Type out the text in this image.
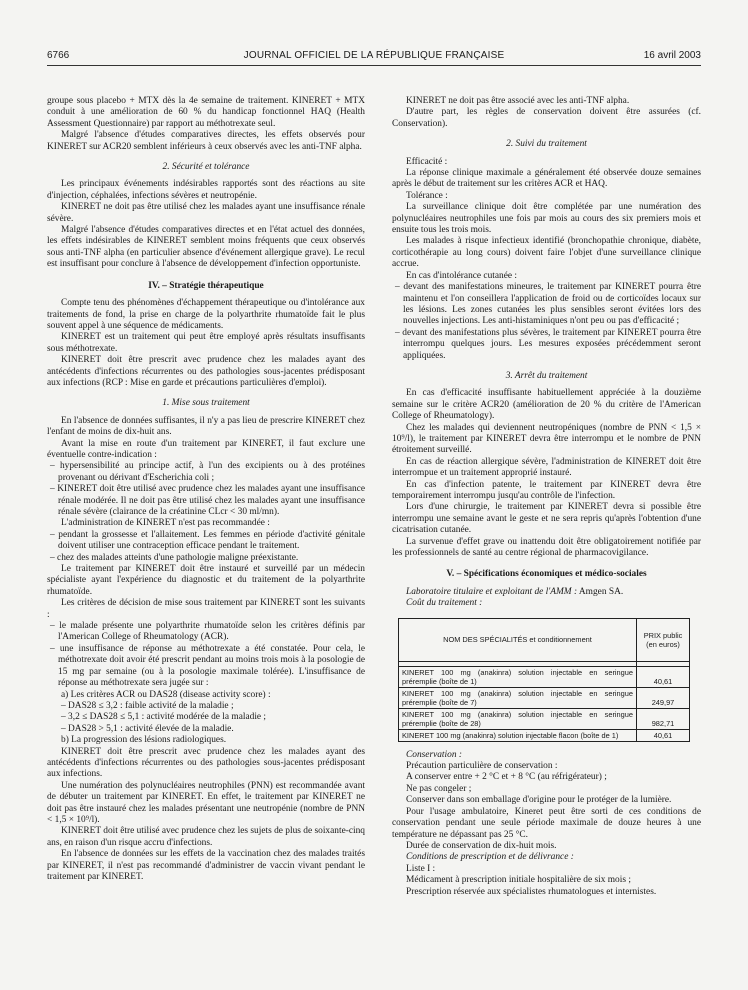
6766	JOURNAL OFFICIEL DE LA RÉPUBLIQUE FRANÇAISE	16 avril 2003

groupe sous placebo + MTX dès la 4e semaine de traitement. KINERET + MTX conduit à une amélioration de 60 % du handicap fonctionnel HAQ (Health Assessment Questionnaire) par rapport au méthotrexate seul.

Malgré l'absence d'études comparatives directes, les effets observés pour KINERET sur ACR20 semblent inférieurs à ceux observés avec les anti-TNF alpha.

2. Sécurité et tolérance

Les principaux événements indésirables rapportés sont des réactions au site d'injection, céphalées, infections sévères et neutropénie.

KINERET ne doit pas être utilisé chez les malades ayant une insuffisance rénale sévère.

Malgré l'absence d'études comparatives directes et en l'état actuel des données, les effets indésirables de KINERET semblent moins fréquents que ceux observés sous anti-TNF alpha (en particulier absence d'événement allergique grave). Le recul est insuffisant pour conclure à l'absence de développement d'infection opportuniste.

IV. – Stratégie thérapeutique

Compte tenu des phénomènes d'échappement thérapeutique ou d'intolérance aux traitements de fond, la prise en charge de la polyarthrite rhumatoïde fait le plus souvent appel à une séquence de médicaments.

KINERET est un traitement qui peut être employé après résultats insuffisants sous méthotrexate.

KINERET doit être prescrit avec prudence chez les malades ayant des antécédents d'infections récurrentes ou des pathologies sous-jacentes prédisposant aux infections (RCP : Mise en garde et précautions particulières d'emploi).

1. Mise sous traitement

En l'absence de données suffisantes, il n'y a pas lieu de prescrire KINERET chez l'enfant de moins de dix-huit ans.

Avant la mise en route d'un traitement par KINERET, il faut exclure une éventuelle contre-indication :

– hypersensibilité au principe actif, à l'un des excipients ou à des protéines provenant ou dérivant d'Escherichia coli ;

– KINERET doit être utilisé avec prudence chez les malades ayant une insuffisance rénale modérée. Il ne doit pas être utilisé chez les malades ayant une insuffisance rénale sévère (clairance de la créatinine CLcr < 30 ml/mn).

L'administration de KINERET n'est pas recommandée :

– pendant la grossesse et l'allaitement. Les femmes en période d'activité génitale doivent utiliser une contraception efficace pendant le traitement.

– chez des malades atteints d'une pathologie maligne préexistante.

Le traitement par KINERET doit être instauré et surveillé par un médecin spécialiste ayant l'expérience du diagnostic et du traitement de la polyarthrite rhumatoïde.

Les critères de décision de mise sous traitement par KINERET sont les suivants :

– le malade présente une polyarthrite rhumatoïde selon les critères définis par l'American College of Rheumatology (ACR).

– une insuffisance de réponse au méthotrexate a été constatée. Pour cela, le méthotrexate doit avoir été prescrit pendant au moins trois mois à la posologie de 15 mg par semaine (ou à la posologie maximale tolérée). L'insuffisance de réponse au méthotrexate sera jugée sur :

a) Les critères ACR ou DAS28 (disease activity score) :

– DAS28 ≤ 3,2 : faible activité de la maladie ;

– 3,2 ≤ DAS28 ≤ 5,1 : activité modérée de la maladie ;

– DAS28 > 5,1 : activité élevée de la maladie.

b) La progression des lésions radiologiques.

KINERET doit être prescrit avec prudence chez les malades ayant des antécédents d'infections récurrentes ou des pathologies sous-jacentes prédisposant aux infections.

Une numération des polynucléaires neutrophiles (PNN) est recommandée avant de débuter un traitement par KINERET. En effet, le traitement par KINERET ne doit pas être instauré chez les malades présentant une neutropénie (nombre de PNN < 1,5 × 10⁹/l).

KINERET doit être utilisé avec prudence chez les sujets de plus de soixante-cinq ans, en raison d'un risque accru d'infections.

En l'absence de données sur les effets de la vaccination chez des malades traités par KINERET, il n'est pas recommandé d'administrer de vaccin vivant pendant le traitement par KINERET.

KINERET ne doit pas être associé avec les anti-TNF alpha.

D'autre part, les règles de conservation doivent être assurées (cf. Conservation).

2. Suivi du traitement

Efficacité :

La réponse clinique maximale a généralement été observée douze semaines après le début de traitement sur les critères ACR et HAQ.

Tolérance :

La surveillance clinique doit être complétée par une numération des polynucléaires neutrophiles une fois par mois au cours des six premiers mois et ensuite tous les trois mois.

Les malades à risque infectieux identifié (bronchopathie chronique, diabète, corticothérapie au long cours) doivent faire l'objet d'une surveillance clinique accrue.

En cas d'intolérance cutanée :

– devant des manifestations mineures, le traitement par KINERET pourra être maintenu et l'on conseillera l'application de froid ou de corticoïdes locaux sur les lésions. Les zones cutanées les plus sensibles seront évitées lors des nouvelles injections. Les anti-histaminiques n'ont peu ou pas d'efficacité ;

– devant des manifestations plus sévères, le traitement par KINERET pourra être interrompu quelques jours. Les mesures exposées précédemment seront appliquées.

3. Arrêt du traitement

En cas d'efficacité insuffisante habituellement appréciée à la douzième semaine sur le critère ACR20 (amélioration de 20 % du critère de l'American College of Rheumatology).

Chez les malades qui deviennent neutropéniques (nombre de PNN < 1,5 × 10⁹/l), le traitement par KINERET devra être interrompu et le nombre de PNN étroitement surveillé.

En cas de réaction allergique sévère, l'administration de KINERET doit être interrompue et un traitement approprié instauré.

En cas d'infection patente, le traitement par KINERET devra être temporairement interrompu jusqu'au contrôle de l'infection.

Lors d'une chirurgie, le traitement par KINERET devra si possible être interrompu une semaine avant le geste et ne sera repris qu'après l'obtention d'une cicatrisation cutanée.

La survenue d'effet grave ou inattendu doit être obligatoirement notifiée par les professionnels de santé au centre régional de pharmacovigilance.

V. – Spécifications économiques et médico-sociales

Laboratoire titulaire et exploitant de l'AMM : Amgen SA.

Coût du traitement :

NOM DES SPÉCIALITÉS et conditionnement	PRIX public (en euros)

KINERET 100 mg (anakinra) solution injectable en seringue préremplie (boîte de 1)	40,61
KINERET 100 mg (anakinra) solution injectable en seringue préremplie (boîte de 7)	249,97
KINERET 100 mg (anakinra) solution injectable en seringue préremplie (boîte de 28)	982,71
KINERET 100 mg (anakinra) solution injectable flacon (boîte de 1)	40,61

Conservation :

Précaution particulière de conservation :

A conserver entre + 2 °C et + 8 °C (au réfrigérateur) ;

Ne pas congeler ;

Conserver dans son emballage d'origine pour le protéger de la lumière.

Pour l'usage ambulatoire, Kineret peut être sorti de ces conditions de conservation pendant une seule période maximale de douze heures à une température ne dépassant pas 25 °C.

Durée de conservation de dix-huit mois.

Conditions de prescription et de délivrance :

Liste I :

Médicament à prescription initiale hospitalière de six mois ;

Prescription réservée aux spécialistes rhumatologues et internistes.
